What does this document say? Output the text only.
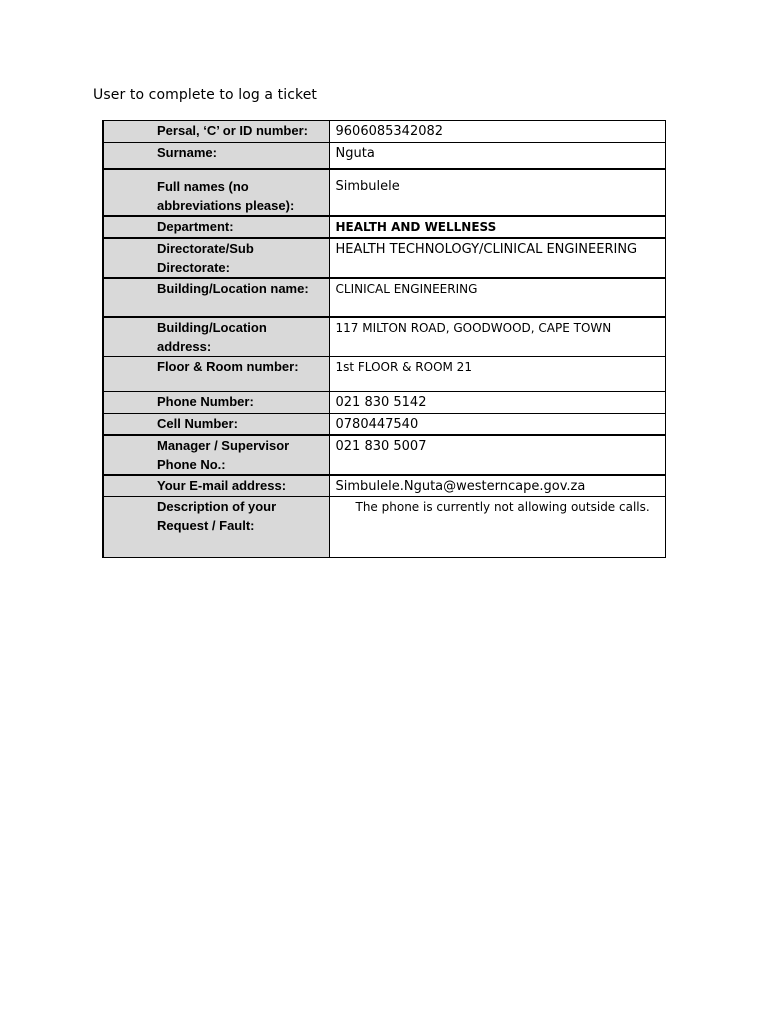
User to complete to log a ticket
Persal, ‘C’ or ID number:	9606085342082
Surname:	Nguta
Full names (no abbreviations please):	Simbulele
Department:	HEALTH AND WELLNESS
Directorate/Sub Directorate:	HEALTH TECHNOLOGY/CLINICAL ENGINEERING
Building/Location name:	CLINICAL ENGINEERING
Building/Location address:	117 MILTON ROAD, GOODWOOD, CAPE TOWN
Floor & Room number:	1st FLOOR & ROOM 21
Phone Number:	021 830 5142
Cell Number:	0780447540
Manager / Supervisor Phone No.:	021 830 5007
Your E-mail address:	Simbulele.Nguta@westerncape.gov.za
Description of your Request / Fault:	The phone is currently not allowing outside calls.
